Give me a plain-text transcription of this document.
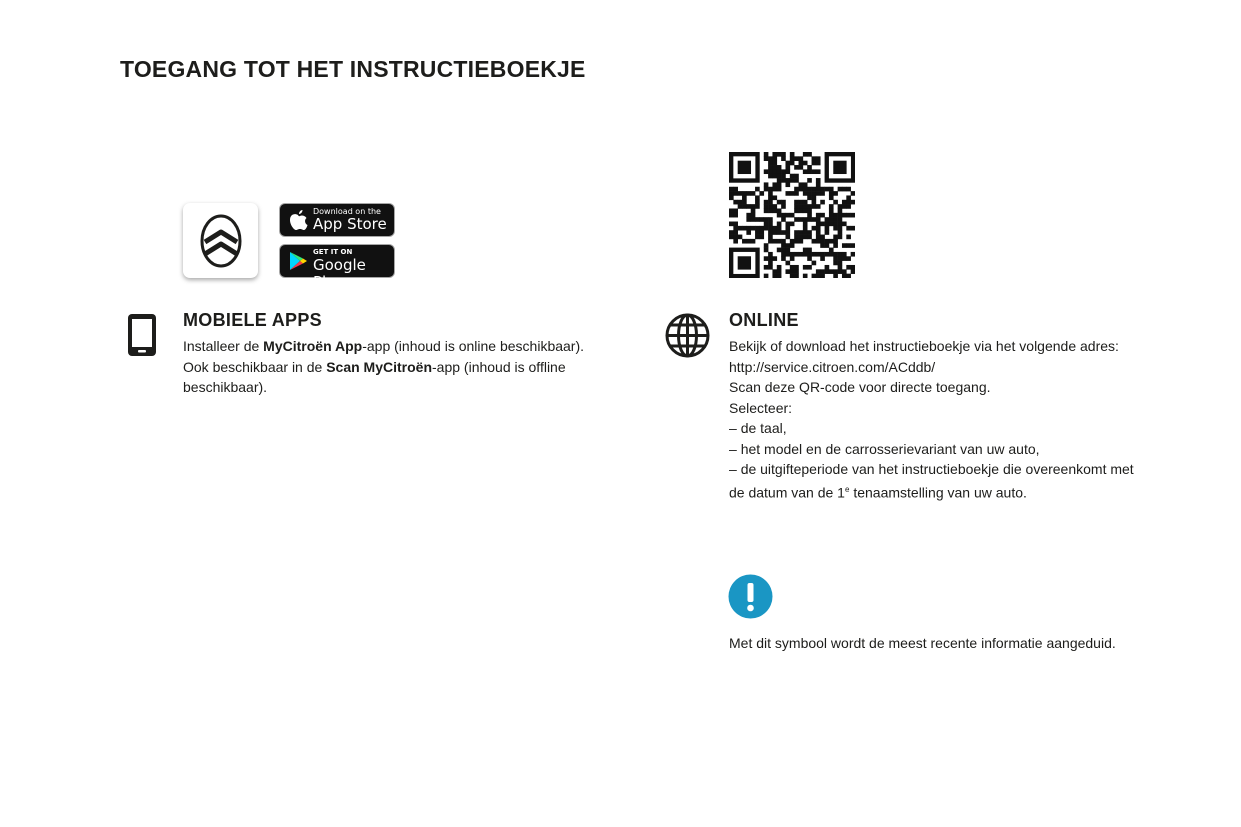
TOEGANG TOT HET INSTRUCTIEBOEKJE
Download on the
App Store
GET IT ON
Google Play
MOBIELE APPS

Installeer de MyCitroën App-app (inhoud is online beschikbaar).

Ook beschikbaar in de Scan MyCitroën-app (inhoud is offline

beschikbaar).

ONLINE

Bekijk of download het instructieboekje via het volgende adres:

http://service.citroen.com/ACddb/

Scan deze QR-code voor directe toegang.

Selecteer:

– de taal,

– het model en de carrosserievariant van uw auto,

– de uitgifteperiode van het instructieboekje die overeenkomt met

de datum van de 1e tenaamstelling van uw auto.

Met dit symbool wordt de meest recente informatie aangeduid.
